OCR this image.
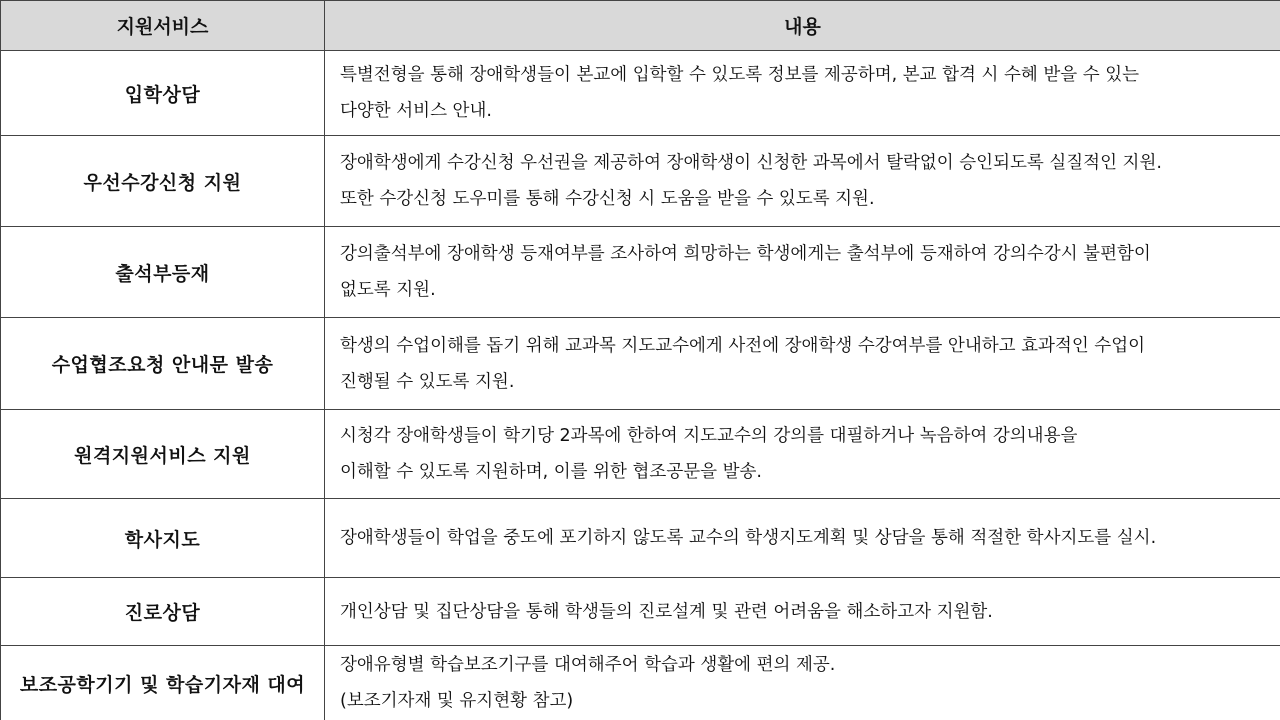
지원서비스	내용
입학상담	특별전형을 통해 장애학생들이 본교에 입학할 수 있도록 정보를 제공하며, 본교 합격 시 수혜 받을 수 있는
다양한 서비스 안내.

우선수강신청 지원	장애학생에게 수강신청 우선권을 제공하여 장애학생이 신청한 과목에서 탈락없이 승인되도록 실질적인 지원.
또한 수강신청 도우미를 통해 수강신청 시 도움을 받을 수 있도록 지원.

출석부등재	강의출석부에 장애학생 등재여부를 조사하여 희망하는 학생에게는 출석부에 등재하여 강의수강시 불편함이
없도록 지원.

수업협조요청 안내문 발송	학생의 수업이해를 돕기 위해 교과목 지도교수에게 사전에 장애학생 수강여부를 안내하고 효과적인 수업이
진행될 수 있도록 지원.

원격지원서비스 지원	시청각 장애학생들이 학기당 2과목에 한하여 지도교수의 강의를 대필하거나 녹음하여 강의내용을
이해할 수 있도록 지원하며, 이를 위한 협조공문을 발송.

학사지도	장애학생들이 학업을 중도에 포기하지 않도록 교수의 학생지도계획 및 상담을 통해 적절한 학사지도를 실시.

진로상담	개인상담 및 집단상담을 통해 학생들의 진로설계 및 관련 어려움을 해소하고자 지원함.

보조공학기기 및 학습기자재 대여	장애유형별 학습보조기구를 대여해주어 학습과 생활에 편의 제공.
(보조기자재 및 유지현황 참고)
